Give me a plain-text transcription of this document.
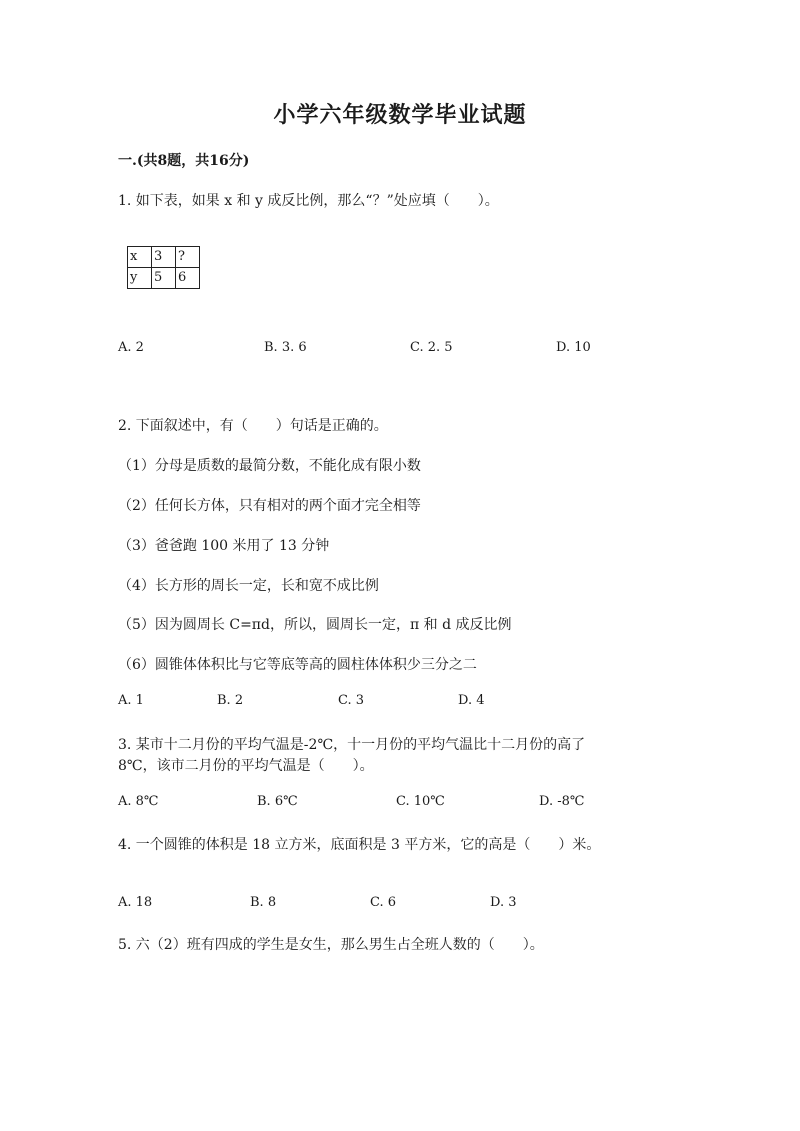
小学六年级数学毕业试题
一.(共8题，共16分)
1. 如下表，如果 x 和 y 成反比例，那么“？”处应填（　　）。
x	3	?
y	5	6
A. 2	B. 3. 6	C. 2. 5	D. 10
2. 下面叙述中，有（　　）句话是正确的。
（1）分母是质数的最简分数，不能化成有限小数
（2）任何长方体，只有相对的两个面才完全相等
（3）爸爸跑 100 米用了 13 分钟
（4）长方形的周长一定，长和宽不成比例
（5）因为圆周长 C=πd，所以，圆周长一定，π 和 d 成反比例
（6）圆锥体体积比与它等底等高的圆柱体体积少三分之二
A. 1	B. 2	C. 3	D. 4
3. 某市十二月份的平均气温是-2℃，十一月份的平均气温比十二月份的高了
8℃，该市二月份的平均气温是（　　）。
A. 8℃	B. 6℃	C. 10℃	D. -8℃
4. 一个圆锥的体积是 18 立方米，底面积是 3 平方米，它的高是（　　）米。
A. 18	B. 8	C. 6	D. 3
5. 六（2）班有四成的学生是女生，那么男生占全班人数的（　　）。
